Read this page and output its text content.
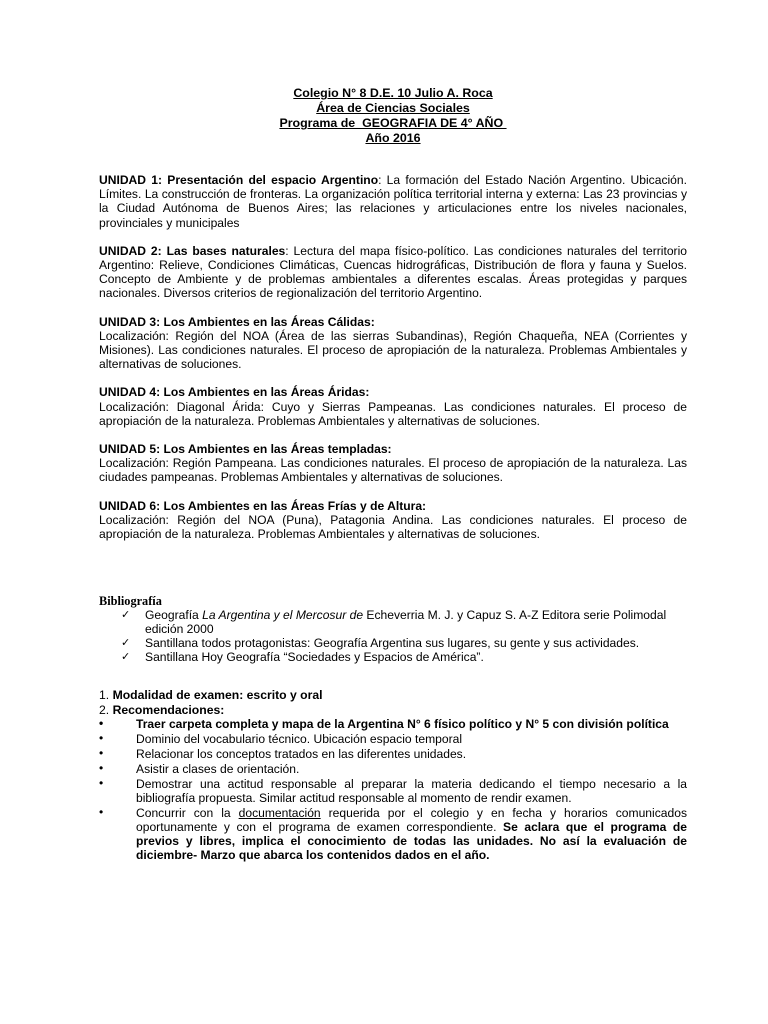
Colegio N° 8 D.E. 10 Julio A. Roca
Área de Ciencias Sociales
Programa de  GEOGRAFIA DE 4° AÑO
Año 2016
UNIDAD 1: Presentación del espacio Argentino: La formación del Estado Nación Argentino. Ubicación. Límites. La construcción de fronteras. La organización política territorial interna y externa: Las 23 provincias y la Ciudad Autónoma de Buenos Aires; las relaciones y articulaciones entre los niveles nacionales, provinciales y municipales
UNIDAD 2: Las bases naturales: Lectura del mapa físico-político. Las condiciones naturales del territorio Argentino: Relieve, Condiciones Climáticas, Cuencas hidrográficas, Distribución de flora y fauna y Suelos. Concepto de Ambiente y de problemas ambientales a diferentes escalas. Áreas protegidas y parques nacionales. Diversos criterios de regionalización del territorio Argentino.
UNIDAD 3: Los Ambientes en las Áreas Cálidas:
Localización: Región del NOA (Área de las sierras Subandinas), Región Chaqueña, NEA (Corrientes y Misiones). Las condiciones naturales. El proceso de apropiación de la naturaleza. Problemas Ambientales y alternativas de soluciones.
UNIDAD 4: Los Ambientes en las Áreas Áridas:
Localización: Diagonal Árida: Cuyo y Sierras Pampeanas. Las condiciones naturales. El proceso de apropiación de la naturaleza. Problemas Ambientales y alternativas de soluciones.
UNIDAD 5: Los Ambientes en las Áreas templadas:
Localización: Región Pampeana. Las condiciones naturales. El proceso de apropiación de la naturaleza. Las ciudades pampeanas. Problemas Ambientales y alternativas de soluciones.
UNIDAD 6: Los Ambientes en las Áreas Frías y de Altura:
Localización: Región del NOA (Puna), Patagonia Andina. Las condiciones naturales. El proceso de apropiación de la naturaleza. Problemas Ambientales y alternativas de soluciones.
Bibliografía
✓ Geografía La Argentina y el Mercosur de Echeverria M. J. y Capuz S. A-Z Editora serie Polimodal edición 2000
✓ Santillana todos protagonistas: Geografía Argentina sus lugares, su gente y sus actividades.
✓ Santillana Hoy Geografía “Sociedades y Espacios de América”.
1. Modalidad de examen: escrito y oral
2. Recomendaciones:
•	Traer carpeta completa y mapa de la Argentina N° 6 físico político y N° 5 con división política
•	Dominio del vocabulario técnico. Ubicación espacio temporal
•	Relacionar los conceptos tratados en las diferentes unidades.
•	Asistir a clases de orientación.
•	Demostrar una actitud responsable al preparar la materia dedicando el tiempo necesario a la bibliografía propuesta. Similar actitud responsable al momento de rendir examen.
•	Concurrir con la documentación requerida por el colegio y en fecha y horarios comunicados oportunamente y con el programa de examen correspondiente. Se aclara que el programa de previos y libres, implica el conocimiento de todas las unidades. No así la evaluación de diciembre- Marzo que abarca los contenidos dados en el año.
